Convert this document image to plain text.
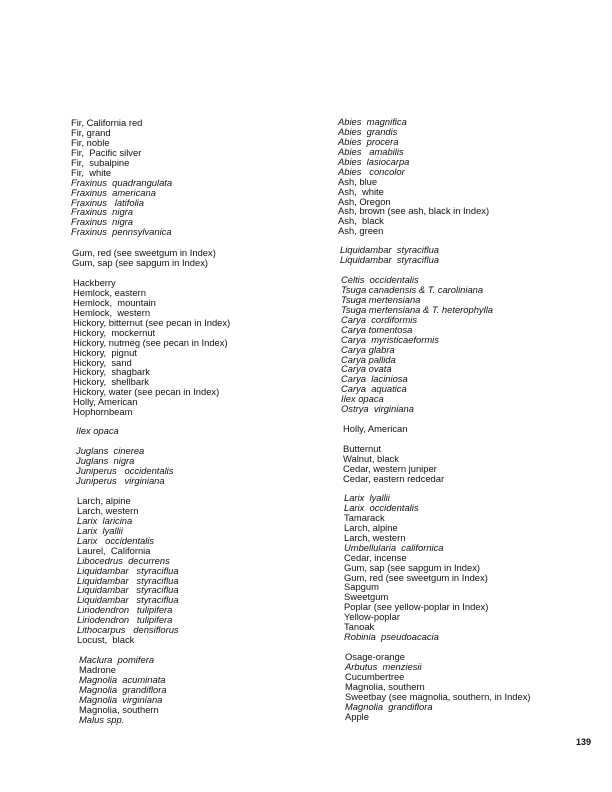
Fir, California red
Fir, grand
Fir, noble
Fir,  Pacific silver
Fir,  subalpine
Fir,  white
Fraxinus  quadrangulata
Fraxinus  americana
Fraxinus   latifolia
Fraxinus  nigra
Fraxinus  nigra
Fraxinus  pennsylvanica
Gum, red (see sweetgum in Index)
Gum, sap (see sapgum in Index)
Hackberry
Hemlock, eastern
Hemlock,  mountain
Hemlock,  western
Hickory, bitternut (see pecan in Index)
Hickory,  mockernut
Hickory, nutmeg (see pecan in Index)
Hickory,  pignut
Hickory,  sand
Hickory,  shagbark
Hickory,  shellbark
Hickory, water (see pecan in Index)
Holly, American
Hophornbeam
Ilex opaca
Juglans  cinerea
Juglans  nigra
Juniperus   occidentalis
Juniperus   virginiana
Larch, alpine
Larch, western
Larix  laricina
Larix  lyallii
Larix   occidentalis
Laurel,  California
Libocedrus  decurrens
Liquidambar   styraciflua
Liquidambar   styraciflua
Liquidambar   styraciflua
Liquidambar   styraciflua
Liriodendron   tulipifera
Liriodendron   tulipifera
Lithocarpus   densiflorus
Locust,  black
Maclura  pomifera
Madrone
Magnolia  acuminata
Magnolia  grandiflora
Magnolia  virginiana
Magnolia, southern
Malus spp.
Abies  magnifica
Abies  grandis
Abies  procera
Abies   amabilis
Abies  lasiocarpa
Abies   concolor
Ash, blue
Ash,  white
Ash, Oregon
Ash, brown (see ash, black in Index)
Ash,  black
Ash, green
Liquidambar  styraciflua
Liquidambar  styraciflua
Celtis  occidentalis
Tsuga canadensis & T. caroliniana
Tsuga mertensiana
Tsuga mertensiana & T. heterophylla
Carya  cordiformis
Carya tomentosa
Carya  myristicaeformis
Carya glabra
Carya pallida
Carya ovata
Carya  laciniosa
Carya  aquatica
Ilex opaca
Ostrya  virginiana
Holly, American
Butternut
Walnut, black
Cedar, western juniper
Cedar, eastern redcedar
Larix  lyallii
Larix  occidentalis
Tamarack
Larch, alpine
Larch, western
Umbellularia  californica
Cedar, incense
Gum, sap (see sapgum in Index)
Gum, red (see sweetgum in Index)
Sapgum
Sweetgum
Poplar (see yellow-poplar in Index)
Yellow-poplar
Tanoak
Robinia  pseudoacacia
Osage-orange
Arbutus  menziesii
Cucumbertree
Magnolia, southern
Sweetbay (see magnolia, southern, in Index)
Magnolia  grandiflora
Apple
139
